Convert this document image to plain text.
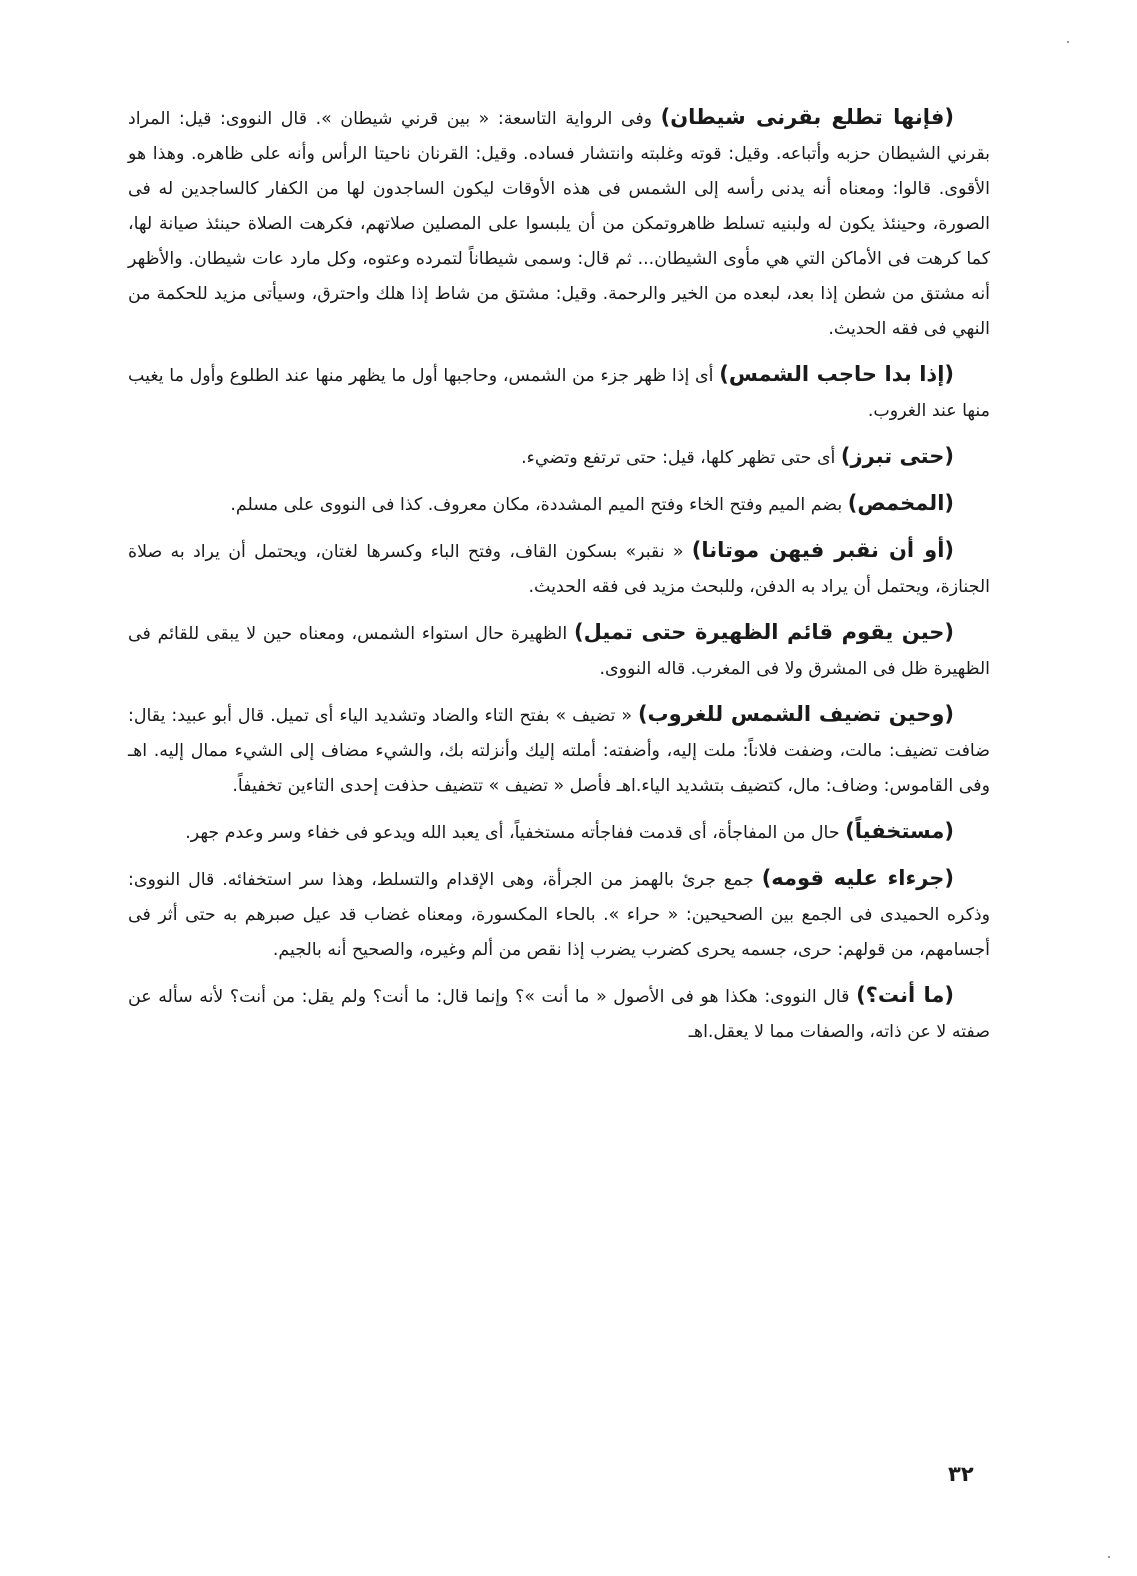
(فإنها تطلع بقرنى شيطان) وفى الرواية التاسعة: « بين قرني شيطان ». قال النووى: قيل: المراد بقرني الشيطان حزبه وأتباعه. وقيل: قوته وغلبته وانتشار فساده. وقيل: القرنان ناحيتا الرأس وأنه على ظاهره. وهذا هو الأقوى. قالوا: ومعناه أنه يدنى رأسه إلى الشمس فى هذه الأوقات ليكون الساجدون لها من الكفار كالساجدين له فى الصورة، وحينئذ يكون له ولبنيه تسلط ظاهروتمكن من أن يلبسوا على المصلين صلاتهم، فكرهت الصلاة حينئذ صيانة لها، كما كرهت فى الأماكن التي هي مأوى الشيطان... ثم قال: وسمى شيطاناً لتمرده وعتوه، وكل مارد عات شيطان. والأظهر أنه مشتق من شطن إذا بعد، لبعده من الخير والرحمة. وقيل: مشتق من شاط إذا هلك واحترق، وسيأتى مزيد للحكمة من النهي فى فقه الحديث.

(إذا بدا حاجب الشمس) أى إذا ظهر جزء من الشمس، وحاجبها أول ما يظهر منها عند الطلوع وأول ما يغيب منها عند الغروب.

(حتى تبرز) أى حتى تظهر كلها، قيل: حتى ترتفع وتضيء.

(المخمص) بضم الميم وفتح الخاء وفتح الميم المشددة، مكان معروف. كذا فى النووى على مسلم.

(أو أن نقبر فيهن موتانا) « نقبر» بسكون القاف، وفتح الباء وكسرها لغتان، ويحتمل أن يراد به صلاة الجنازة، ويحتمل أن يراد به الدفن، وللبحث مزيد فى فقه الحديث.

(حين يقوم قائم الظهيرة حتى تميل) الظهيرة حال استواء الشمس، ومعناه حين لا يبقى للقائم فى الظهيرة ظل فى المشرق ولا فى المغرب. قاله النووى.

(وحين تضيف الشمس للغروب) « تضيف » بفتح التاء والضاد وتشديد الياء أى تميل. قال أبو عبيد: يقال: ضافت تضيف: مالت، وضفت فلاناً: ملت إليه، وأضفته: أملته إليك وأنزلته بك، والشيء مضاف إلى الشيء ممال إليه. اهـ وفى القاموس: وضاف: مال، كتضيف بتشديد الياء.اهـ فأصل « تضيف » تتضيف حذفت إحدى التاءين تخفيفاً.

(مستخفياً) حال من المفاجأة، أى قدمت ففاجأته مستخفياً، أى يعبد الله ويدعو فى خفاء وسر وعدم جهر.

(جرءاء عليه قومه) جمع جرئ بالهمز من الجرأة، وهى الإقدام والتسلط، وهذا سر استخفائه. قال النووى: وذكره الحميدى فى الجمع بين الصحيحين: « حراء ». بالحاء المكسورة، ومعناه غضاب قد عيل صبرهم به حتى أثر فى أجسامهم، من قولهم: حرى، جسمه يحرى كضرب يضرب إذا نقص من ألم وغيره، والصحيح أنه بالجيم.

(ما أنت؟) قال النووى: هكذا هو فى الأصول « ما أنت »؟ وإنما قال: ما أنت؟ ولم يقل: من أنت؟ لأنه سأله عن صفته لا عن ذاته، والصفات مما لا يعقل.اهـ

٣٢
